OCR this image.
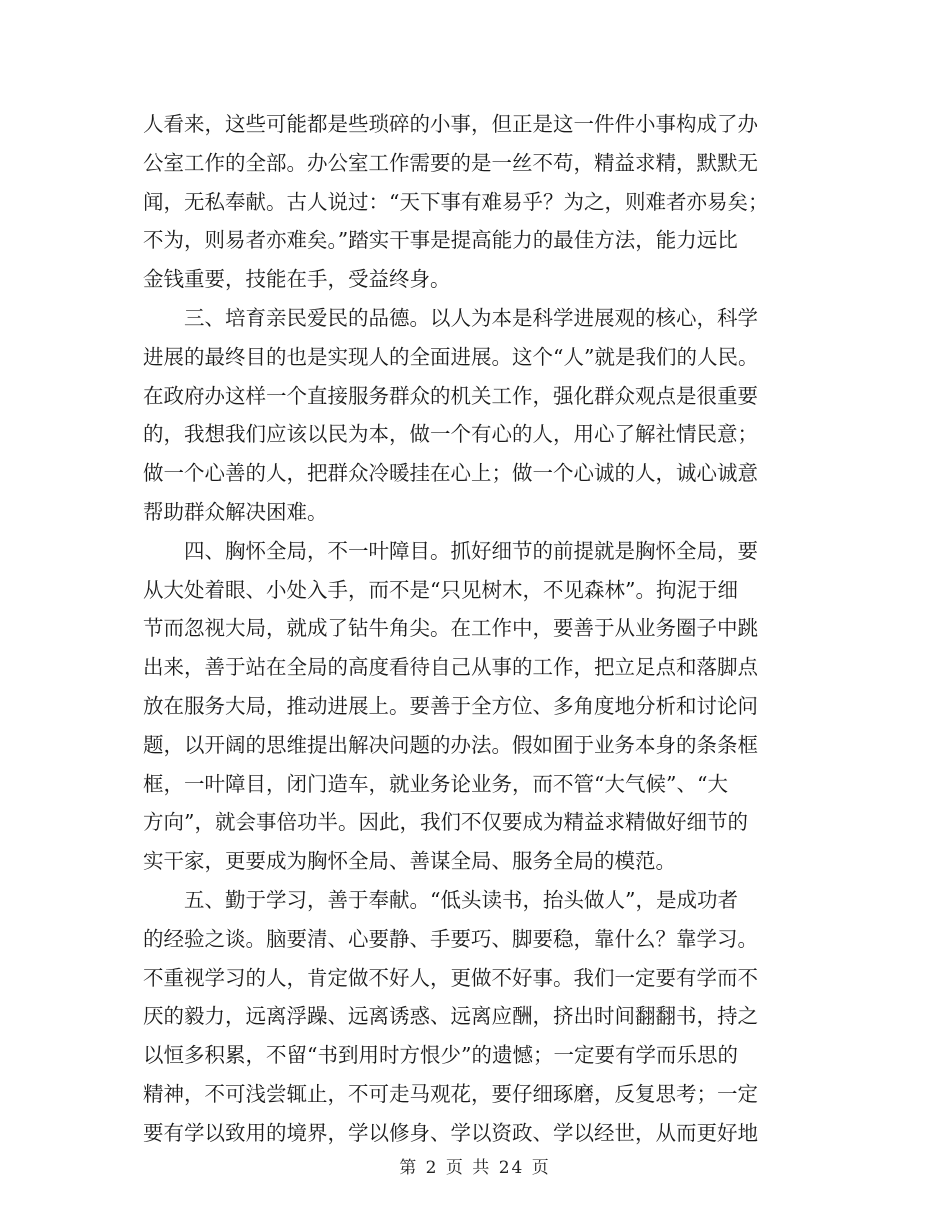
人看来，这些可能都是些琐碎的小事，但正是这一件件小事构成了办
公室工作的全部。办公室工作需要的是一丝不苟，精益求精，默默无
闻，无私奉献。古人说过：“天下事有难易乎？为之，则难者亦易矣；
不为，则易者亦难矣。”踏实干事是提高能力的最佳方法，能力远比
金钱重要，技能在手，受益终身。
三、培育亲民爱民的品德。以人为本是科学进展观的核心，科学
进展的最终目的也是实现人的全面进展。这个“人”就是我们的人民。
在政府办这样一个直接服务群众的机关工作，强化群众观点是很重要
的，我想我们应该以民为本，做一个有心的人，用心了解社情民意；
做一个心善的人，把群众冷暖挂在心上；做一个心诚的人，诚心诚意
帮助群众解决困难。
四、胸怀全局，不一叶障目。抓好细节的前提就是胸怀全局，要
从大处着眼、小处入手，而不是“只见树木，不见森林”。拘泥于细
节而忽视大局，就成了钻牛角尖。在工作中，要善于从业务圈子中跳
出来，善于站在全局的高度看待自己从事的工作，把立足点和落脚点
放在服务大局，推动进展上。要善于全方位、多角度地分析和讨论问
题，以开阔的思维提出解决问题的办法。假如囿于业务本身的条条框
框，一叶障目，闭门造车，就业务论业务，而不管“大气候”、“大
方向”，就会事倍功半。因此，我们不仅要成为精益求精做好细节的
实干家，更要成为胸怀全局、善谋全局、服务全局的模范。
五、勤于学习，善于奉献。“低头读书，抬头做人”，是成功者
的经验之谈。脑要清、心要静、手要巧、脚要稳，靠什么？靠学习。
不重视学习的人，肯定做不好人，更做不好事。我们一定要有学而不
厌的毅力，远离浮躁、远离诱惑、远离应酬，挤出时间翻翻书，持之
以恒多积累，不留“书到用时方恨少”的遗憾；一定要有学而乐思的
精神，不可浅尝辄止，不可走马观花，要仔细琢磨，反复思考；一定
要有学以致用的境界，学以修身、学以资政、学以经世，从而更好地
第 2 页 共 24 页
